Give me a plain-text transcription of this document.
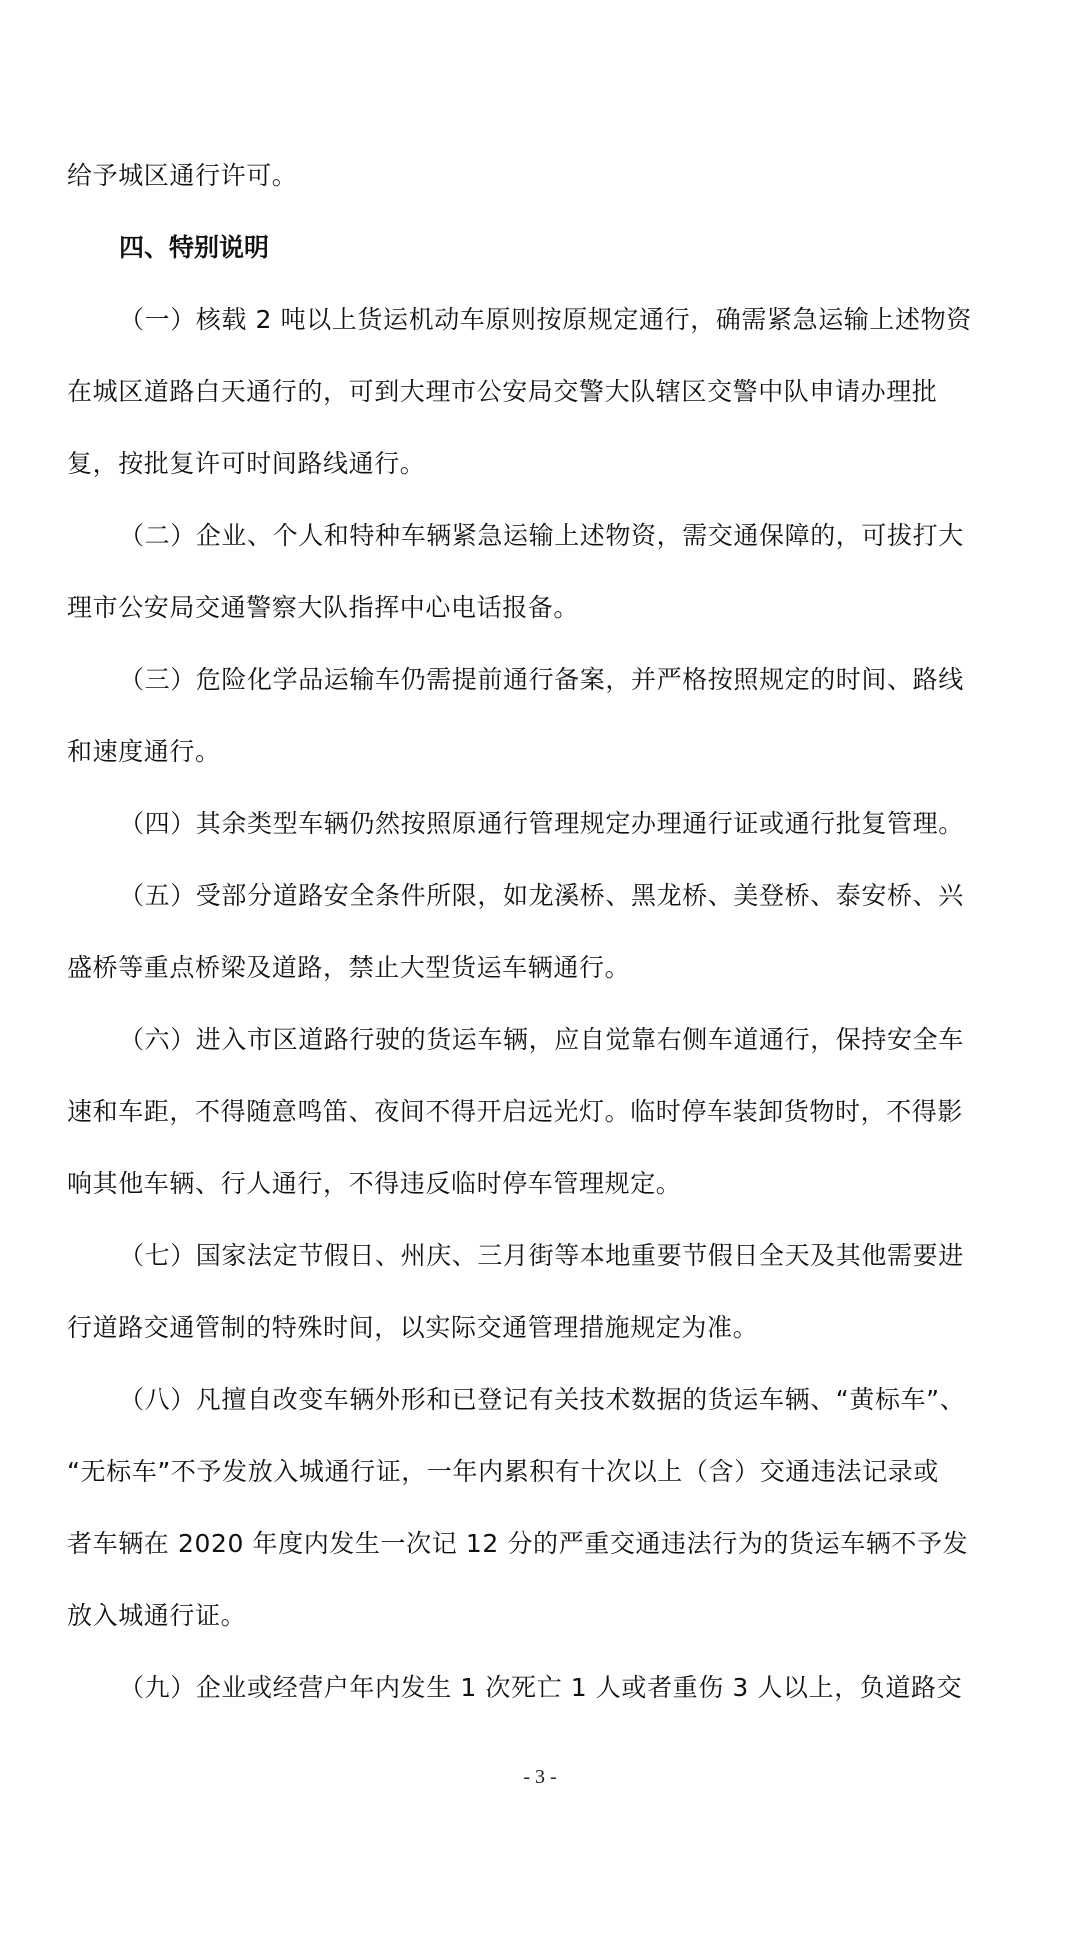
给予城区通行许可。
四、特别说明
（一）核载 2 吨以上货运机动车原则按原规定通行，确需紧急运输上述物资
在城区道路白天通行的，可到大理市公安局交警大队辖区交警中队申请办理批
复，按批复许可时间路线通行。
（二）企业、个人和特种车辆紧急运输上述物资，需交通保障的，可拔打大
理市公安局交通警察大队指挥中心电话报备。
（三）危险化学品运输车仍需提前通行备案，并严格按照规定的时间、路线
和速度通行。
（四）其余类型车辆仍然按照原通行管理规定办理通行证或通行批复管理。
（五）受部分道路安全条件所限，如龙溪桥、黑龙桥、美登桥、泰安桥、兴
盛桥等重点桥梁及道路，禁止大型货运车辆通行。
（六）进入市区道路行驶的货运车辆，应自觉靠右侧车道通行，保持安全车
速和车距，不得随意鸣笛、夜间不得开启远光灯。临时停车装卸货物时，不得影
响其他车辆、行人通行，不得违反临时停车管理规定。
（七）国家法定节假日、州庆、三月街等本地重要节假日全天及其他需要进
行道路交通管制的特殊时间，以实际交通管理措施规定为准。
（八）凡擅自改变车辆外形和已登记有关技术数据的货运车辆、“黄标车”、
“无标车”不予发放入城通行证，一年内累积有十次以上（含）交通违法记录或
者车辆在 2020 年度内发生一次记 12 分的严重交通违法行为的货运车辆不予发
放入城通行证。
（九）企业或经营户年内发生 1 次死亡 1 人或者重伤 3 人以上，负道路交
- 3 -
